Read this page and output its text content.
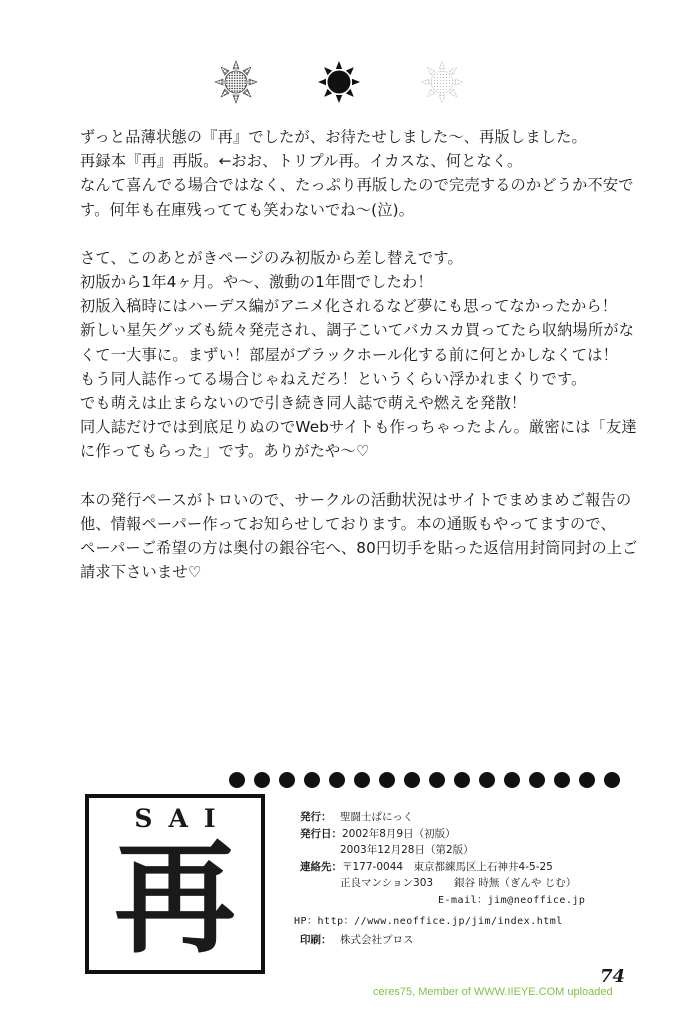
ずっと品薄状態の『再』でしたが、お待たせしました～、再版しました。
再録本『再』再版。←おお、トリプル再。イカスな、何となく。
なんて喜んでる場合ではなく、たっぷり再版したので完売するのかどうか不安で
す。何年も在庫残ってても笑わないでね～(泣)。

さて、このあとがきページのみ初版から差し替えです。
初版から1年4ヶ月。や～、激動の1年間でしたわ！
初版入稿時にはハーデス編がアニメ化されるなど夢にも思ってなかったから！
新しい星矢グッズも続々発売され、調子こいてバカスカ買ってたら収納場所がな
くて一大事に。まずい！部屋がブラックホール化する前に何とかしなくては！
もう同人誌作ってる場合じゃねえだろ！というくらい浮かれまくりです。
でも萌えは止まらないので引き続き同人誌で萌えや燃えを発散！
同人誌だけでは到底足りぬのでWebサイトも作っちゃったよん。厳密には「友達
に作ってもらった」です。ありがたや～♡

本の発行ペースがトロいので、サークルの活動状況はサイトでまめまめご報告の
他、情報ペーパー作ってお知らせしております。本の通販もやってますので、
ペーパーご希望の方は奥付の銀谷宅へ、80円切手を貼った返信用封筒同封の上ご
請求下さいませ♡

SAI
再
発行： 聖闘士ぱにっく
発行日： 2002年8月9日（初版）
2003年12月28日（第2版）
連絡先： 〒177-0044　東京都練馬区上石神井4-5-25
正良マンション303　　銀谷 時無（ぎんや じむ）
E-mail：jim@neoffice.jp
HP：http：//www.neoffice.jp/jim/index.html
印刷： 株式会社プロス
74
ceres75, Member of WWW.IIEYE.COM uploaded
